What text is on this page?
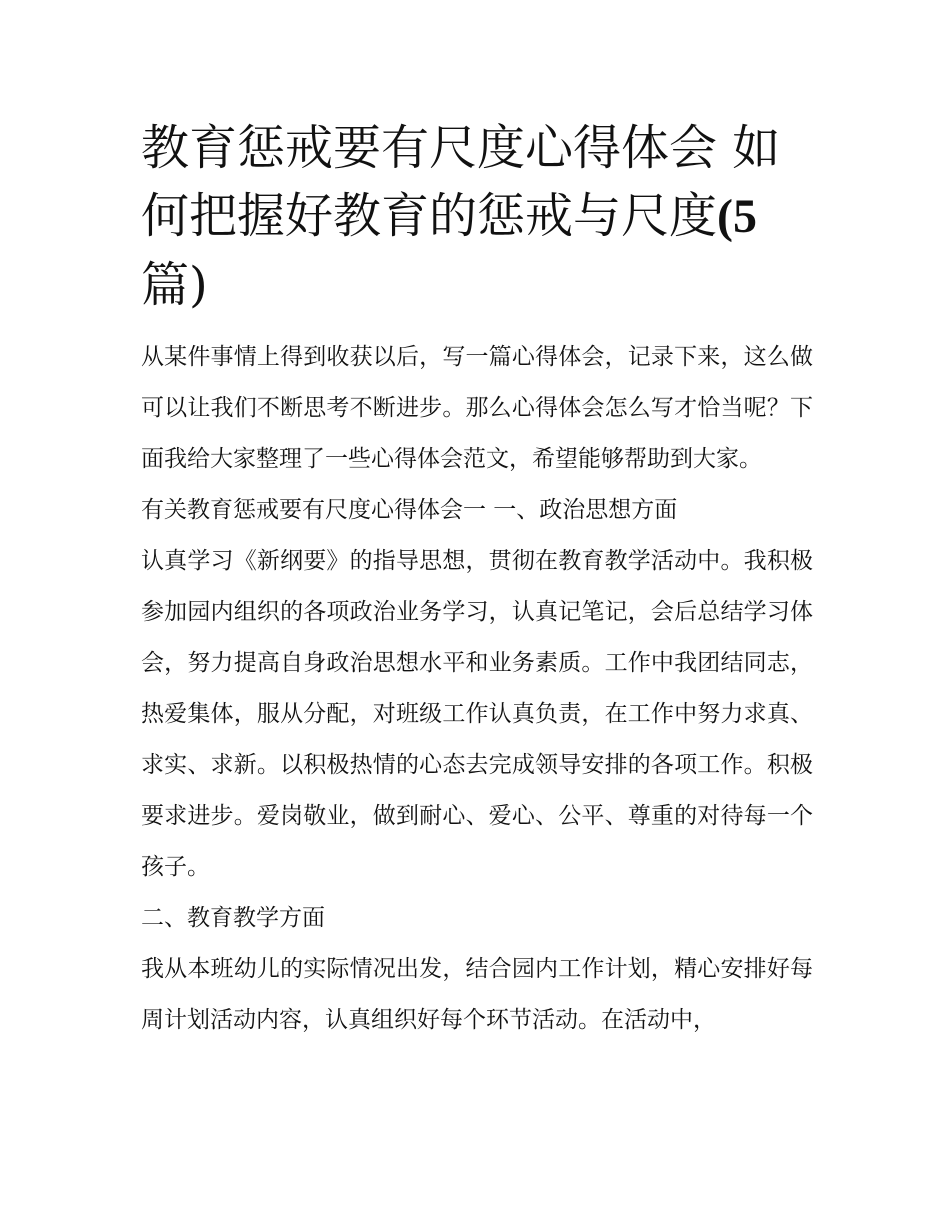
教育惩戒要有尺度心得体会 如何把握好教育的惩戒与尺度(5
篇)

从某件事情上得到收获以后，写一篇心得体会，记录下来，这么做可以让我们不断思考不断进步。那么心得体会怎么写才恰当呢？下面我给大家整理了一些心得体会范文，希望能够帮助到大家。

有关教育惩戒要有尺度心得体会一 一、政治思想方面

认真学习《新纲要》的指导思想，贯彻在教育教学活动中。我积极参加园内组织的各项政治业务学习，认真记笔记，会后总结学习体会，努力提高自身政治思想水平和业务素质。工作中我团结同志，热爱集体，服从分配，对班级工作认真负责，在工作中努力求真、求实、求新。以积极热情的心态去完成领导安排的各项工作。积极要求进步。爱岗敬业，做到耐心、爱心、公平、尊重的对待每一个孩子。

二、教育教学方面

我从本班幼儿的实际情况出发，结合园内工作计划，精心安排好每周计划活动内容，认真组织好每个环节活动。在活动中，
